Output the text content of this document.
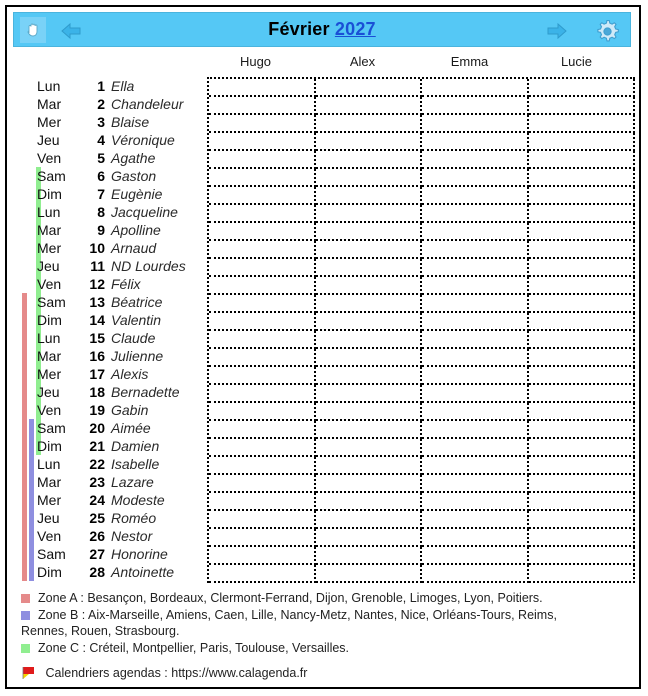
Février 2027
Hugo	Alex	Emma	Lucie
Lun	1 Ella
Mar	2 Chandeleur
Mer	3 Blaise
Jeu	4 Véronique
Ven	5 Agathe
Sam	6 Gaston
Dim	7 Eugènie
Lun	8 Jacqueline
Mar	9 Apolline
Mer	10 Arnaud
Jeu	11 ND Lourdes
Ven	12 Félix
Sam	13 Béatrice
Dim	14 Valentin
Lun	15 Claude
Mar	16 Julienne
Mer	17 Alexis
Jeu	18 Bernadette
Ven	19 Gabin
Sam	20 Aimée
Dim	21 Damien
Lun	22 Isabelle
Mar	23 Lazare
Mer	24 Modeste
Jeu	25 Roméo
Ven	26 Nestor
Sam	27 Honorine
Dim	28 Antoinette
Zone A : Besançon, Bordeaux, Clermont-Ferrand, Dijon, Grenoble, Limoges, Lyon, Poitiers.
Zone B : Aix-Marseille, Amiens, Caen, Lille, Nancy-Metz, Nantes, Nice, Orléans-Tours, Reims,
Rennes, Rouen, Strasbourg.
Zone C : Créteil, Montpellier, Paris, Toulouse, Versailles.
Calendriers agendas : https://www.calagenda.fr
